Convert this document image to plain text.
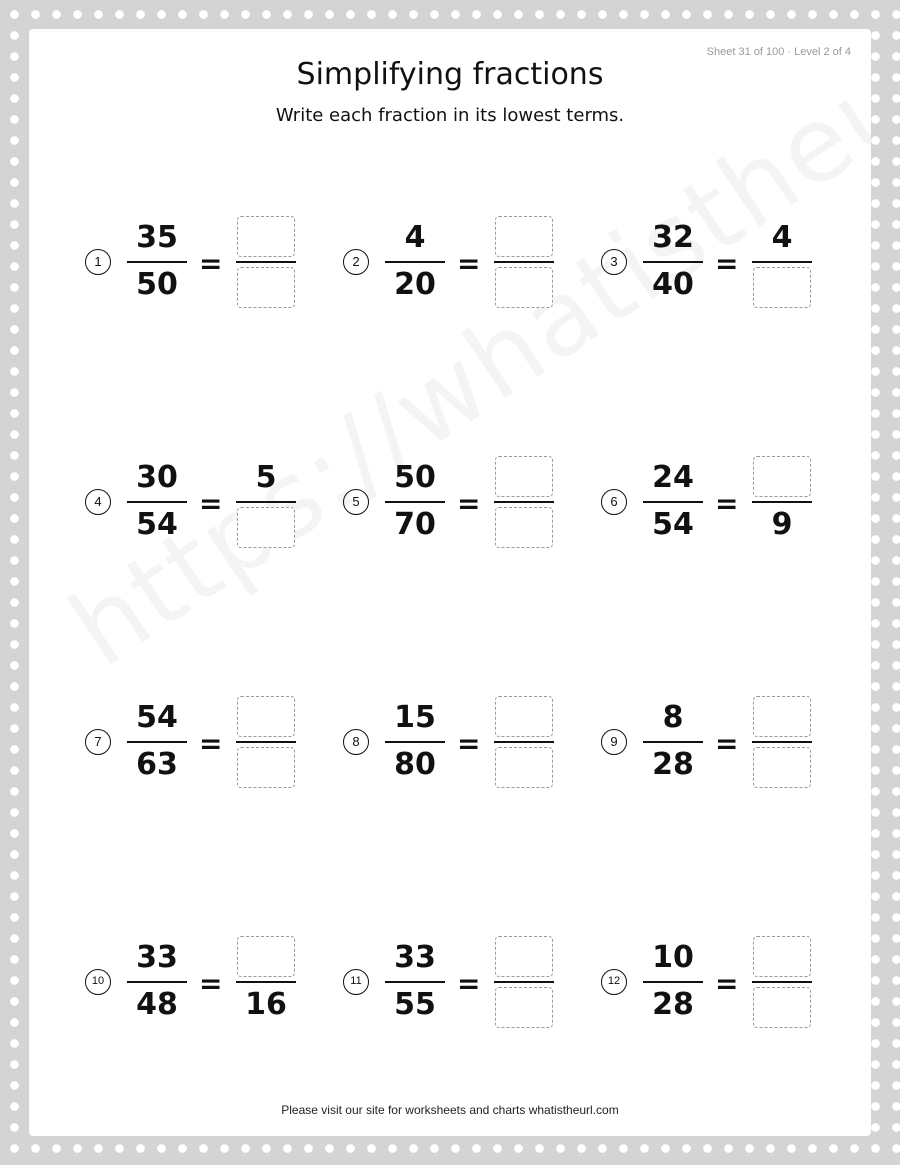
Sheet 31 of 100 · Level 2 of 4
Simplifying fractions
Write each fraction in its lowest terms.
1
35
50
=	2
4
20
=	3
32
40
=
4
4
30
54
=
5
5
50
70
=	6
24
54
=
9
7
54
63
=	8
15
80
=	9
8
28
=
10
33
48
=
16
11
33
55
=	12
10
28
=
Please visit our site for worksheets and charts whatistheurl.com
